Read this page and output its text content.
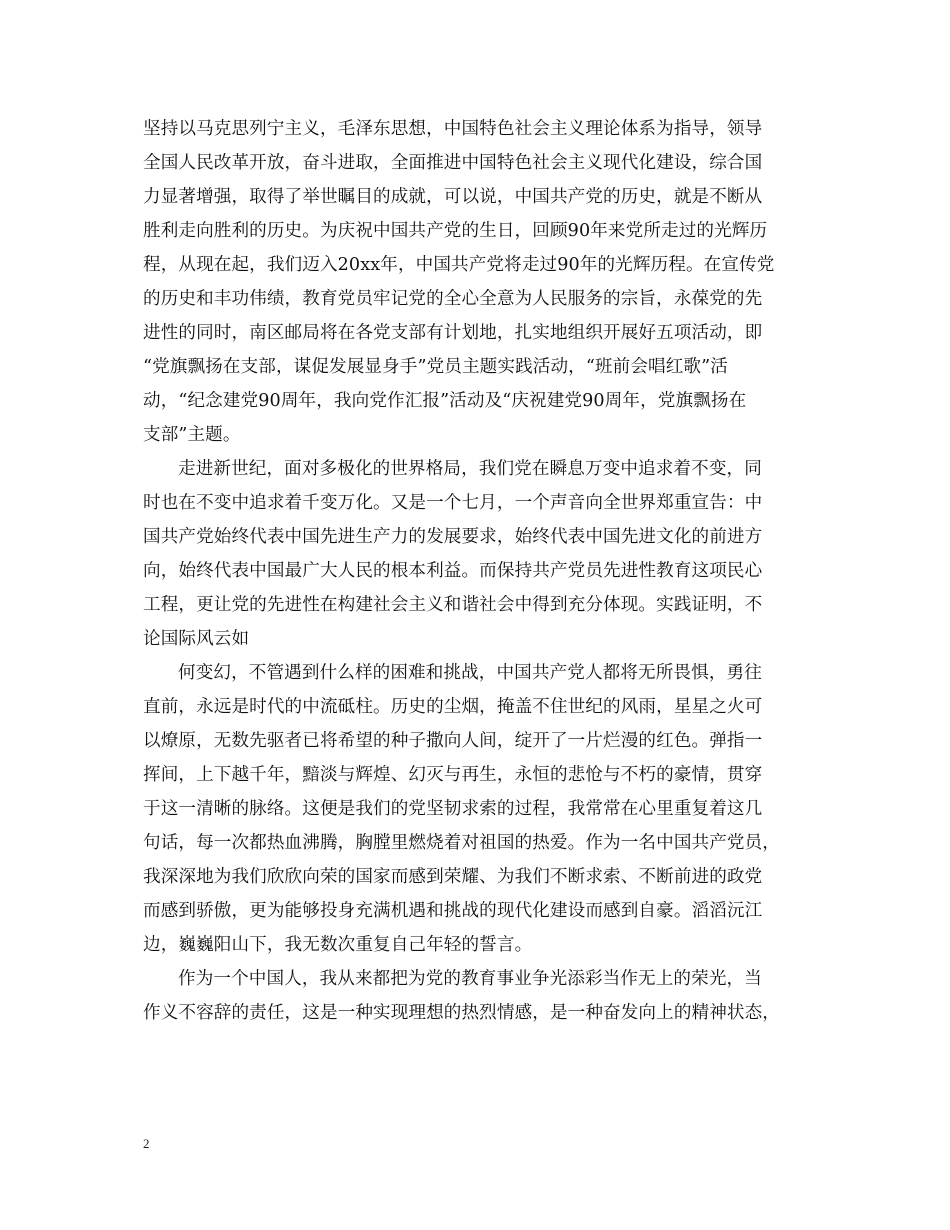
坚持以马克思列宁主义，毛泽东思想，中国特色社会主义理论体系为指导，领导
全国人民改革开放，奋斗进取，全面推进中国特色社会主义现代化建设，综合国
力显著增强，取得了举世瞩目的成就，可以说，中国共产党的历史，就是不断从
胜利走向胜利的历史。为庆祝中国共产党的生日，回顾90年来党所走过的光辉历
程，从现在起，我们迈入20xx年，中国共产党将走过90年的光辉历程。在宣传党
的历史和丰功伟绩，教育党员牢记党的全心全意为人民服务的宗旨，永葆党的先
进性的同时，南区邮局将在各党支部有计划地，扎实地组织开展好五项活动，即
“党旗飘扬在支部，谋促发展显身手”党员主题实践活动，“班前会唱红歌”活
动，“纪念建党90周年，我向党作汇报”活动及“庆祝建党90周年，党旗飘扬在
支部”主题。
走进新世纪，面对多极化的世界格局，我们党在瞬息万变中追求着不变，同
时也在不变中追求着千变万化。又是一个七月，一个声音向全世界郑重宣告：中
国共产党始终代表中国先进生产力的发展要求，始终代表中国先进文化的前进方
向，始终代表中国最广大人民的根本利益。而保持共产党员先进性教育这项民心
工程，更让党的先进性在构建社会主义和谐社会中得到充分体现。实践证明，不
论国际风云如
何变幻，不管遇到什么样的困难和挑战，中国共产党人都将无所畏惧，勇往
直前，永远是时代的中流砥柱。历史的尘烟，掩盖不住世纪的风雨，星星之火可
以燎原，无数先驱者已将希望的种子撒向人间，绽开了一片烂漫的红色。弹指一
挥间，上下越千年，黯淡与辉煌、幻灭与再生，永恒的悲怆与不朽的豪情，贯穿
于这一清晰的脉络。这便是我们的党坚韧求索的过程，我常常在心里重复着这几
句话，每一次都热血沸腾，胸膛里燃烧着对祖国的热爱。作为一名中国共产党员，
我深深地为我们欣欣向荣的国家而感到荣耀、为我们不断求索、不断前进的政党
而感到骄傲，更为能够投身充满机遇和挑战的现代化建设而感到自豪。滔滔沅江
边，巍巍阳山下，我无数次重复自己年轻的誓言。
作为一个中国人，我从来都把为党的教育事业争光添彩当作无上的荣光，当
作义不容辞的责任，这是一种实现理想的热烈情感，是一种奋发向上的精神状态，
2
